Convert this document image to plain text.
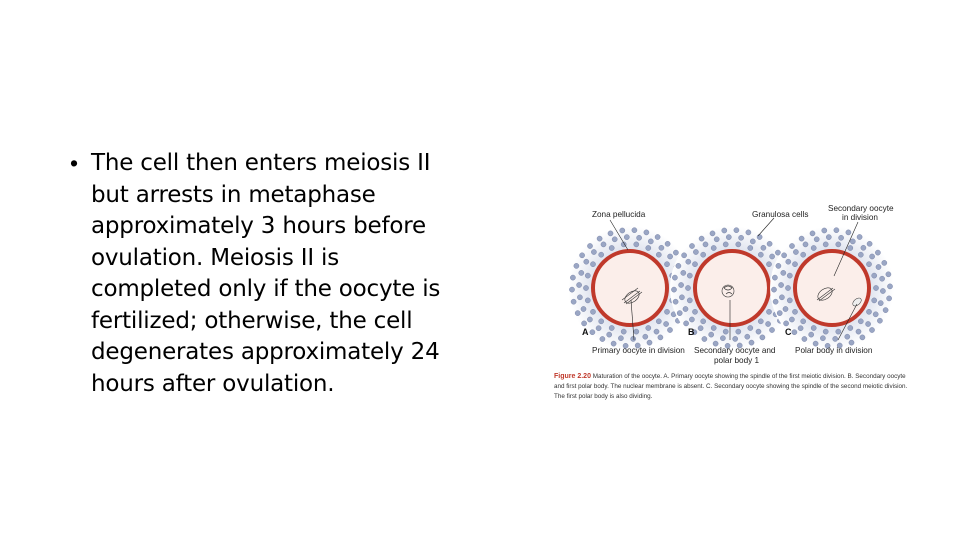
• The cell then enters meiosis II but arrests in metaphase approximately 3 hours before ovulation. Meiosis II is completed only if the oocyte is fertilized; otherwise, the cell degenerates approximately 24 hours after ovulation.
Zona pellucida	Granulosa cells
Secondary oocyte
in division
A	B	C
Primary oocyte in division Secondary oocyte and
polar body 1
Polar body in division
Figure 2.20 Maturation of the oocyte. A. Primary oocyte showing the spindle of the first meiotic division. B. Secondary oocyte and first polar body. The nuclear membrane is absent. C. Secondary oocyte showing the spindle of the second meiotic division. The first polar body is also dividing.
